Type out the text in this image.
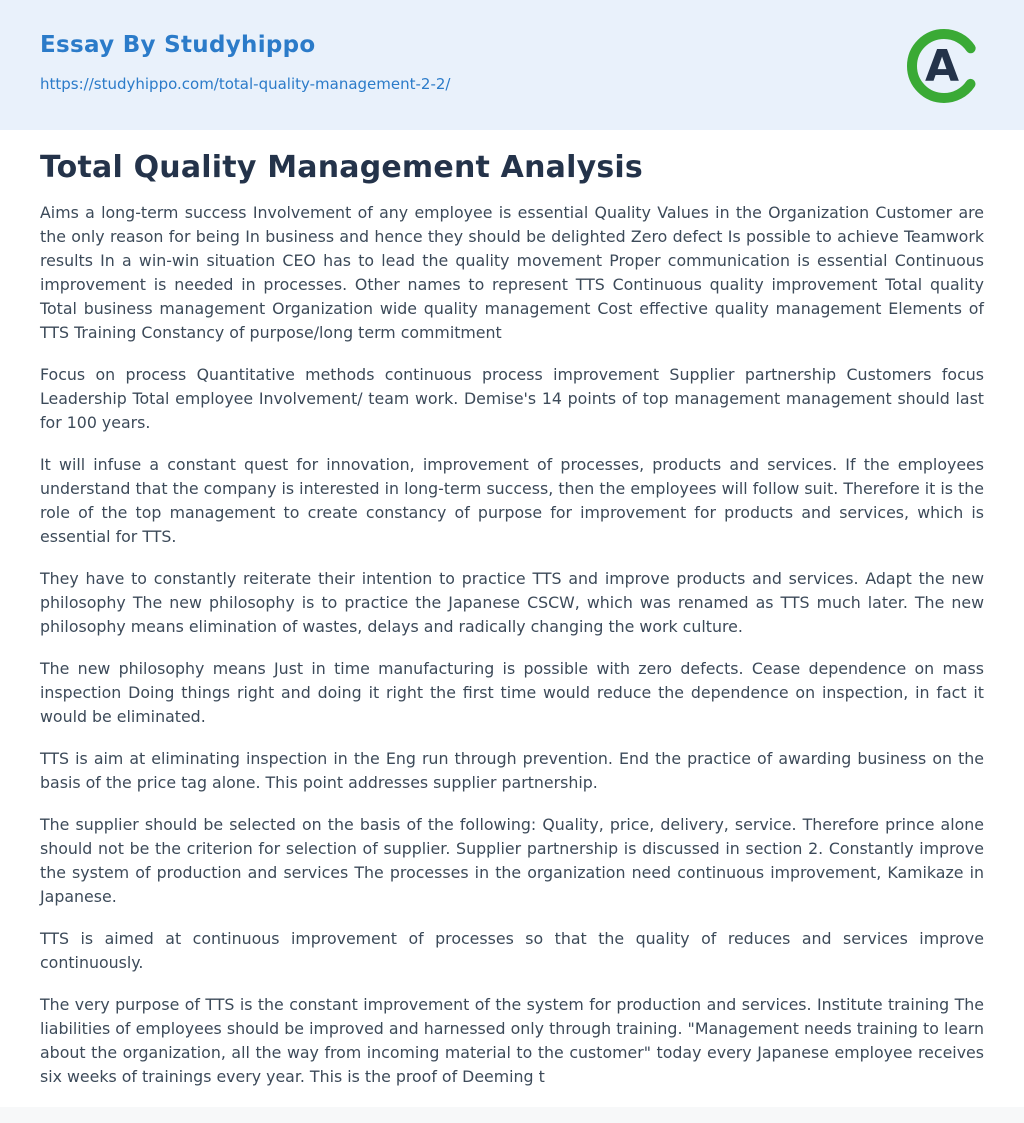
Essay By Studyhippo
https://studyhippo.com/total-quality-management-2-2/	A
Total Quality Management Analysis

Aims a long-term success Involvement of any employee is essential Quality Values in the Organization Customer are the only reason for being In business and hence they should be delighted Zero defect Is possible to achieve Teamwork results In a win-win situation CEO has to lead the quality movement Proper communication is essential Continuous improvement is needed in processes. Other names to represent TTS Continuous quality improvement Total quality Total business management Organization wide quality management Cost effective quality management Elements of TTS Training Constancy of purpose/long term commitment

Focus on process Quantitative methods continuous process improvement Supplier partnership Customers focus Leadership Total employee Involvement/ team work. Demise's 14 points of top management management should last for 100 years.

It will infuse a constant quest for innovation, improvement of processes, products and services. If the employees understand that the company is interested in long-term success, then the employees will follow suit. Therefore it is the role of the top management to create constancy of purpose for improvement for products and services, which is essential for TTS.

They have to constantly reiterate their intention to practice TTS and improve products and services. Adapt the new philosophy The new philosophy is to practice the Japanese CSCW, which was renamed as TTS much later. The new philosophy means elimination of wastes, delays and radically changing the work culture.

The new philosophy means Just in time manufacturing is possible with zero defects. Cease dependence on mass inspection Doing things right and doing it right the first time would reduce the dependence on inspection, in fact it would be eliminated.

TTS is aim at eliminating inspection in the Eng run through prevention. End the practice of awarding business on the basis of the price tag alone. This point addresses supplier partnership.

The supplier should be selected on the basis of the following: Quality, price, delivery, service. Therefore prince alone should not be the criterion for selection of supplier. Supplier partnership is discussed in section 2. Constantly improve the system of production and services The processes in the organization need continuous improvement, Kamikaze in Japanese.

TTS is aimed at continuous improvement of processes so that the quality of reduces and services improve continuously.

The very purpose of TTS is the constant improvement of the system for production and services. Institute training The liabilities of employees should be improved and harnessed only through training. "Management needs training to learn about the organization, all the way from incoming material to the customer" today every Japanese employee receives six weeks of trainings every year. This is the proof of Deeming t
